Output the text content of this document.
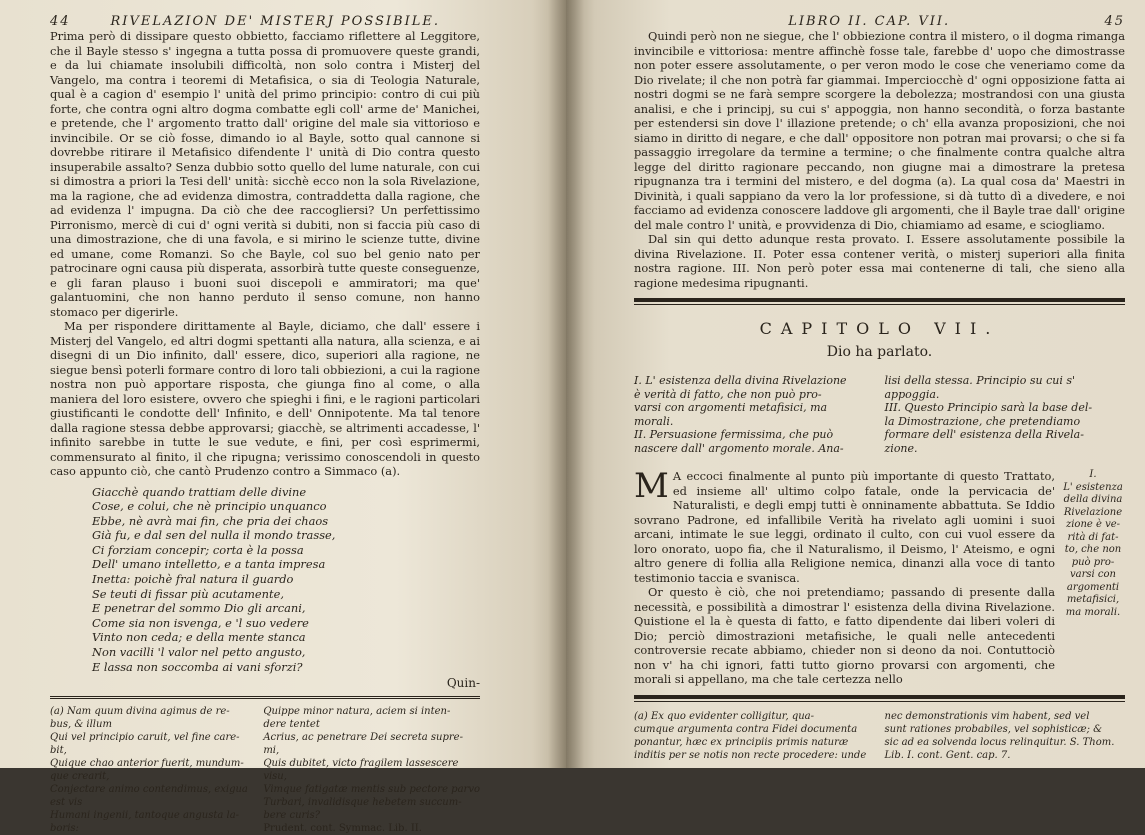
44	RIVELAZION DE' MISTERJ POSSIBILE.

Prima però di dissipare questo obbietto, facciamo riflettere al Leggitore, che il Bayle stesso s' ingegna a tutta possa di promuovere queste grandi, e da lui chiamate insolubili difficoltà, non solo contra i Misterj del Vangelo, ma contra i teoremi di Metafisica, o sia di Teologia Naturale, qual è a cagion d' esempio l' unità del primo principio: contro di cui più forte, che contra ogni altro dogma combatte egli coll' arme de' Manichei, e pretende, che l' argomento tratto dall' origine del male sia vittorioso e invincibile. Or se ciò fosse, dimando io al Bayle, sotto qual cannone si dovrebbe ritirare il Metafisico difendente l' unità di Dio contra questo insuperabile assalto? Senza dubbio sotto quello del lume naturale, con cui si dimostra a priori la Tesi dell' unità: sicchè ecco non la sola Rivelazione, ma la ragione, che ad evidenza dimostra, contraddetta dalla ragione, che ad evidenza l' impugna. Da ciò che dee raccogliersi? Un perfettissimo Pirronismo, mercè di cui d' ogni verità si dubiti, non si faccia più caso di una dimostrazione, che di una favola, e si mirino le scienze tutte, divine ed umane, come Romanzi. So che Bayle, col suo bel genio nato per patrocinare ogni causa più disperata, assorbirà tutte queste conseguenze, e gli faran plauso i buoni suoi discepoli e ammiratori; ma que' galantuomini, che non hanno perduto il senso comune, non hanno stomaco per digerirle.

Ma per rispondere dirittamente al Bayle, diciamo, che dall' essere i Misterj del Vangelo, ed altri dogmi spettanti alla natura, alla scienza, e ai disegni di un Dio infinito, dall' essere, dico, superiori alla ragione, ne siegue bensì poterli formare contro di loro tali obbiezioni, a cui la ragione nostra non può apportare risposta, che giunga fino al come, o alla maniera del loro esistere, ovvero che spieghi i fini, e le ragioni particolari giustificanti le condotte dell' Infinito, e dell' Onnipotente. Ma tal tenore dalla ragione stessa debbe approvarsi; giacchè, se altrimenti accadesse, l' infinito sarebbe in tutte le sue vedute, e fini, per così esprimermi, commensurato al finito, il che ripugna; verissimo conoscendoli in questo caso appunto ciò, che cantò Prudenzo contro a Simmaco (a).

Giacchè quando trattiam delle divine
Cose, e colui, che nè principio unquanco
Ebbe, nè avrà mai fin, che pria dei chaos
Già fu, e dal sen del nulla il mondo trasse,
Ci forziam concepir; corta è la possa
Dell' umano intelletto, e a tanta impresa
Inetta: poichè fral natura il guardo
Se teuti di fissar più acutamente,
E penetrar del sommo Dio gli arcani,
Come sia non isvenga, e 'l suo vedere
Vinto non ceda; e della mente stanca
Non vacilli 'l valor nel petto angusto,
E lassa non soccomba ai vani sforzi?
Quin-
(a) Nam quum divina agimus de re-
bus, & illum
Qui vel principio caruit, vel fine care-
bit,
Quique chao anterior fuerit, mundum-
que crearit,
Conjectare animo contendimus, exigua
est vis
Humani ingenii, tantoque angusta la-
boris:
Quippe minor natura, aciem si inten-
dere tentet
Acrius, ac penetrare Dei secreta supre-
mi,
Quis dubitet, victo fragilem lassescere
visu,
Vimque fatigatæ mentis sub pectore parvo
Turbari, invalidisque hebetem succum-
bere curis?
Prudent. cont. Symmac. Lib. II.
LIBRO II. CAP. VII.	45

Quindi però non ne siegue, che l' obbiezione contra il mistero, o il dogma rimanga invincibile e vittoriosa: mentre affinchè fosse tale, farebbe d' uopo che dimostrasse non poter essere assolutamente, o per veron modo le cose che veneriamo come da Dio rivelate; il che non potrà far giammai. Imperciocchè d' ogni opposizione fatta ai nostri dogmi se ne farà sempre scorgere la debolezza; mostrandosi con una giusta analisi, e che i principj, su cui s' appoggia, non hanno secondità, o forza bastante per estendersi sin dove l' illazione pretende; o ch' ella avanza proposizioni, che noi siamo in diritto di negare, e che dall' oppositore non potran mai provarsi; o che si fa passaggio irregolare da termine a termine; o che finalmente contra qualche altra legge del diritto ragionare peccando, non giugne mai a dimostrare la pretesa ripugnanza tra i termini del mistero, e del dogma (a). La qual cosa da' Maestri in Divinità, i quali sappiano da vero la lor professione, si dà tutto dì a divedere, e noi facciamo ad evidenza conoscere laddove gli argomenti, che il Bayle trae dall' origine del male contro l' unità, e provvidenza di Dio, chiamiamo ad esame, e sciogliamo.

Dal sin qui detto adunque resta provato. I. Essere assolutamente possibile la divina Rivelazione. II. Poter essa contener verità, o misterj superiori alla finita nostra ragione. III. Non però poter essa mai contenerne di tali, che sieno alla ragione medesima ripugnanti.

CAPITOLO VII.
Dio ha parlato.
I. L' esistenza della divina Rivelazione
è verità di fatto, che non può pro-
varsi con argomenti metafisici, ma
morali.
II. Persuasione fermissima, che può
nascere dall' argomento morale. Ana-
lisi della stessa. Principio su cui s'
appoggia.
III. Questo Principio sarà la base del-
la Dimostrazione, che pretendiamo
formare dell' esistenza della Rivela-
zione.

M A eccoci finalmente al punto più importante di questo Trattato, ed insieme all' ultimo colpo fatale, onde la pervicacia de' Naturalisti, e degli empj tutti è onninamente abbattuta. Se Iddio sovrano Padrone, ed infallibile Verità ha rivelato agli uomini i suoi arcani, intimate le sue leggi, ordinato il culto, con cui vuol essere da loro onorato, uopo fia, che il Naturalismo, il Deismo, l' Ateismo, e ogni altro genere di follia alla Religione nemica, dinanzi alla voce di tanto testimonio taccia e svanisca.

Or questo è ciò, che noi pretendiamo; passando di presente dalla necessità, e possibilità a dimostrar l' esistenza della divina Rivelazione. Quistione el la è questa di fatto, e fatto dipendente dai liberi voleri di Dio; perciò dimostrazioni metafisiche, le quali nelle antecedenti controversie recate abbiamo, chieder non si deono da noi. Contuttociò non v' ha chi ignori, fatti tutto giorno provarsi con argomenti, che morali si appellano, ma che tale certezza nello

I.
L' esistenza
della divina
Rivelazione
zione è ve-
rità di fat-
to, che non
può pro-
varsi con
argomenti
metafisici,
ma morali.
(a) Ex quo evidenter colligitur, qua-
cumque argumenta contra Fidei documenta
ponantur, hæc ex principiis primis naturæ
inditis per se notis non recte procedere: unde
nec demonstrationis vim habent, sed vel
sunt rationes probabiles, vel sophisticæ; &
sic ad ea solvenda locus relinquitur. S. Thom.
Lib. I. cont. Gent. cap. 7.
